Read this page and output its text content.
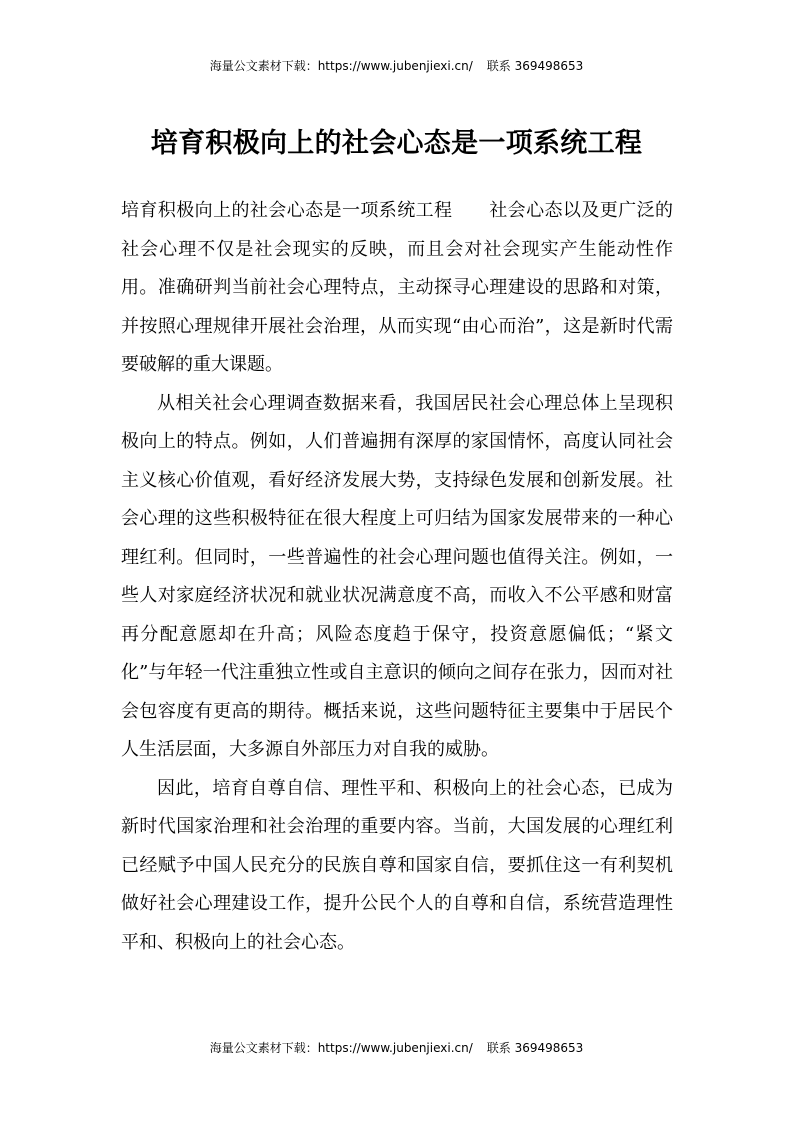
海量公文素材下载：https://www.jubenjiexi.cn/ 联系 369498653
培育积极向上的社会心态是一项系统工程

培育积极向上的社会心态是一项系统工程　　社会心态以及更广泛的社会心理不仅是社会现实的反映，而且会对社会现实产生能动性作用。准确研判当前社会心理特点，主动探寻心理建设的思路和对策，并按照心理规律开展社会治理，从而实现“由心而治”，这是新时代需要破解的重大课题。

从相关社会心理调查数据来看，我国居民社会心理总体上呈现积极向上的特点。例如，人们普遍拥有深厚的家国情怀，高度认同社会主义核心价值观，看好经济发展大势，支持绿色发展和创新发展。社会心理的这些积极特征在很大程度上可归结为国家发展带来的一种心理红利。但同时，一些普遍性的社会心理问题也值得关注。例如，一些人对家庭经济状况和就业状况满意度不高，而收入不公平感和财富再分配意愿却在升高；风险态度趋于保守，投资意愿偏低；“紧文化”与年轻一代注重独立性或自主意识的倾向之间存在张力，因而对社会包容度有更高的期待。概括来说，这些问题特征主要集中于居民个人生活层面，大多源自外部压力对自我的威胁。

因此，培育自尊自信、理性平和、积极向上的社会心态，已成为新时代国家治理和社会治理的重要内容。当前，大国发展的心理红利已经赋予中国人民充分的民族自尊和国家自信，要抓住这一有利契机做好社会心理建设工作，提升公民个人的自尊和自信，系统营造理性平和、积极向上的社会心态。

海量公文素材下载：https://www.jubenjiexi.cn/ 联系 369498653
